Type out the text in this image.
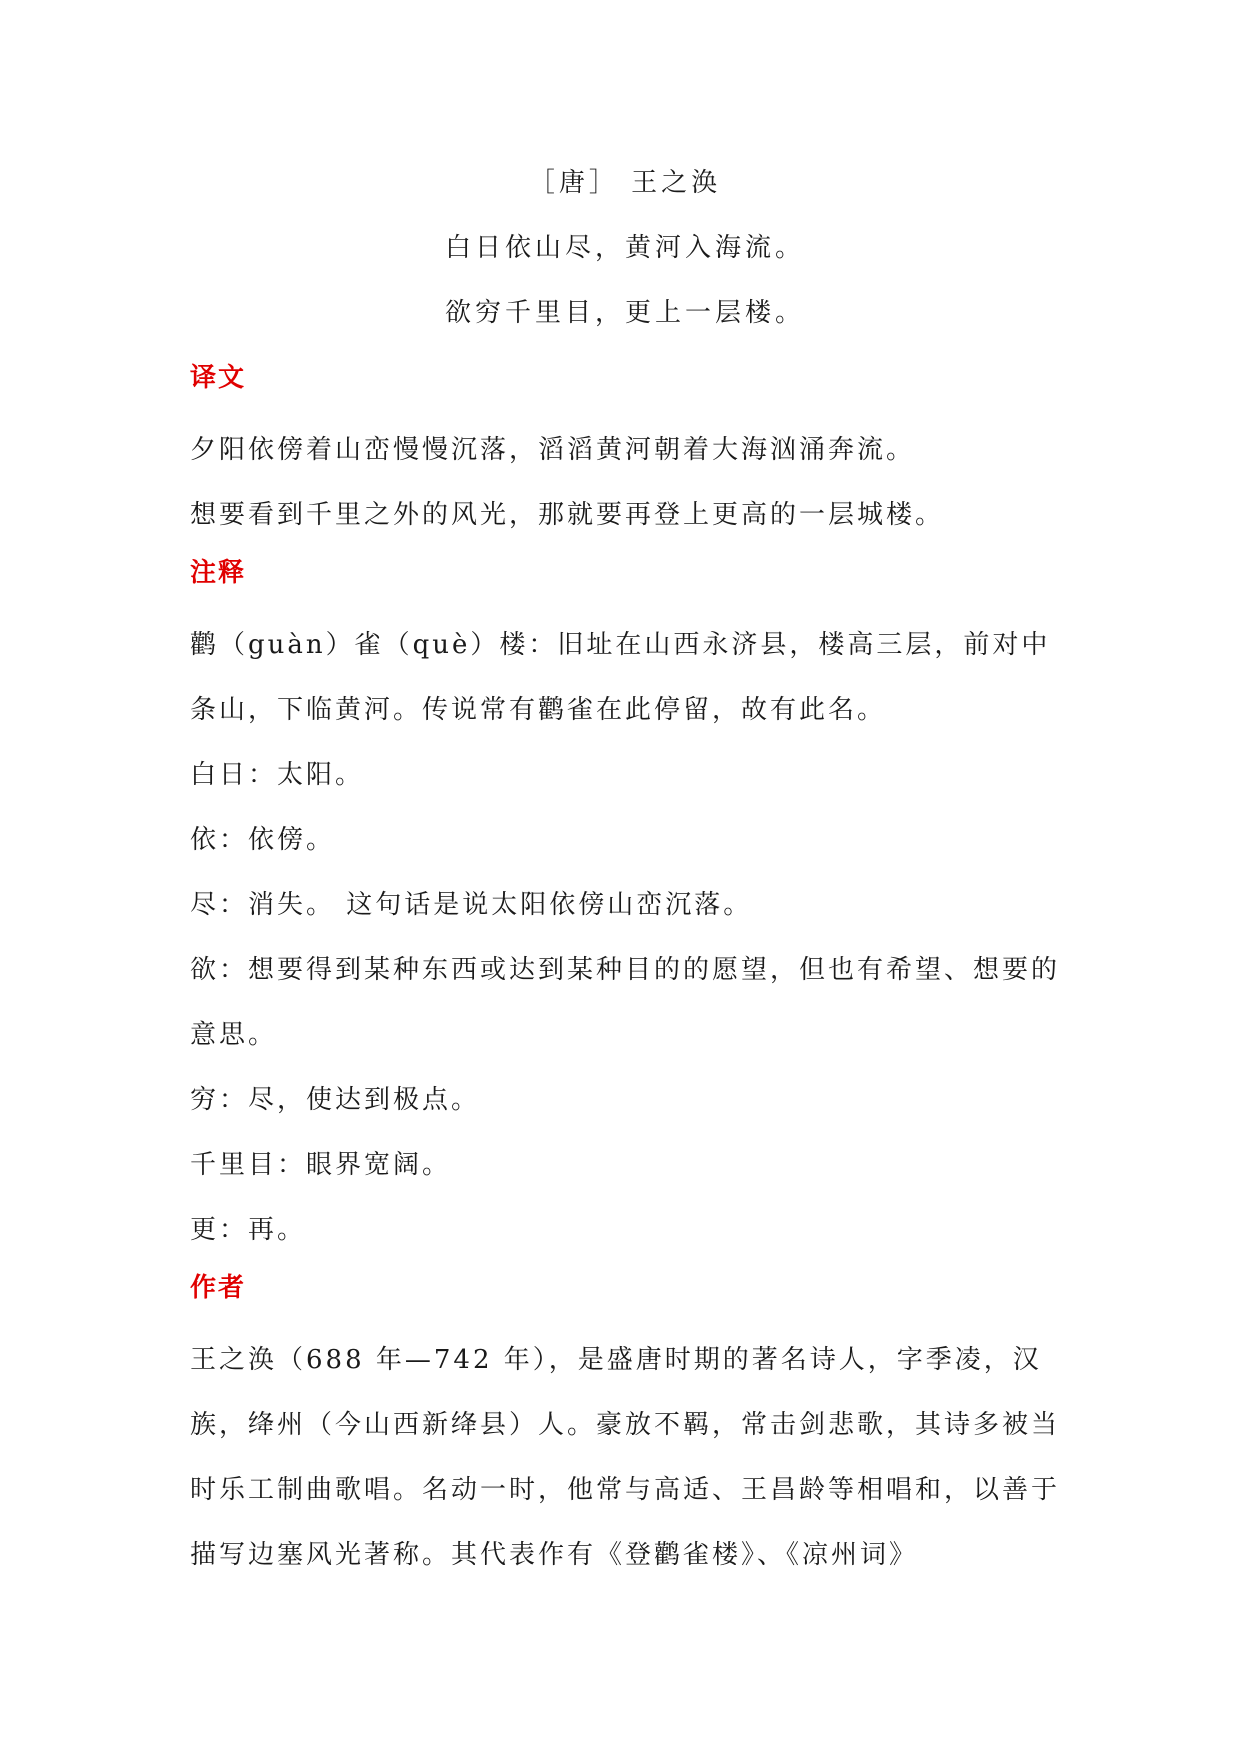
［唐］ 王之涣

白日依山尽，黄河入海流。

欲穷千里目，更上一层楼。

译文

夕阳依傍着山峦慢慢沉落，滔滔黄河朝着大海汹涌奔流。

想要看到千里之外的风光，那就要再登上更高的一层城楼。

注释

鹳（guàn）雀（què）楼：旧址在山西永济县，楼高三层，前对中条山，下临黄河。传说常有鹳雀在此停留，故有此名。

白日：太阳。

依：依傍。

尽：消失。 这句话是说太阳依傍山峦沉落。

欲：想要得到某种东西或达到某种目的的愿望，但也有希望、想要的意思。

穷：尽，使达到极点。

千里目：眼界宽阔。

更：再。

作者

王之涣（688 年—742 年），是盛唐时期的著名诗人，字季凌，汉族，绛州（今山西新绛县）人。豪放不羁，常击剑悲歌，其诗多被当时乐工制曲歌唱。名动一时，他常与高适、王昌龄等相唱和，以善于描写边塞风光著称。其代表作有《登鹳雀楼》、《凉州词》
